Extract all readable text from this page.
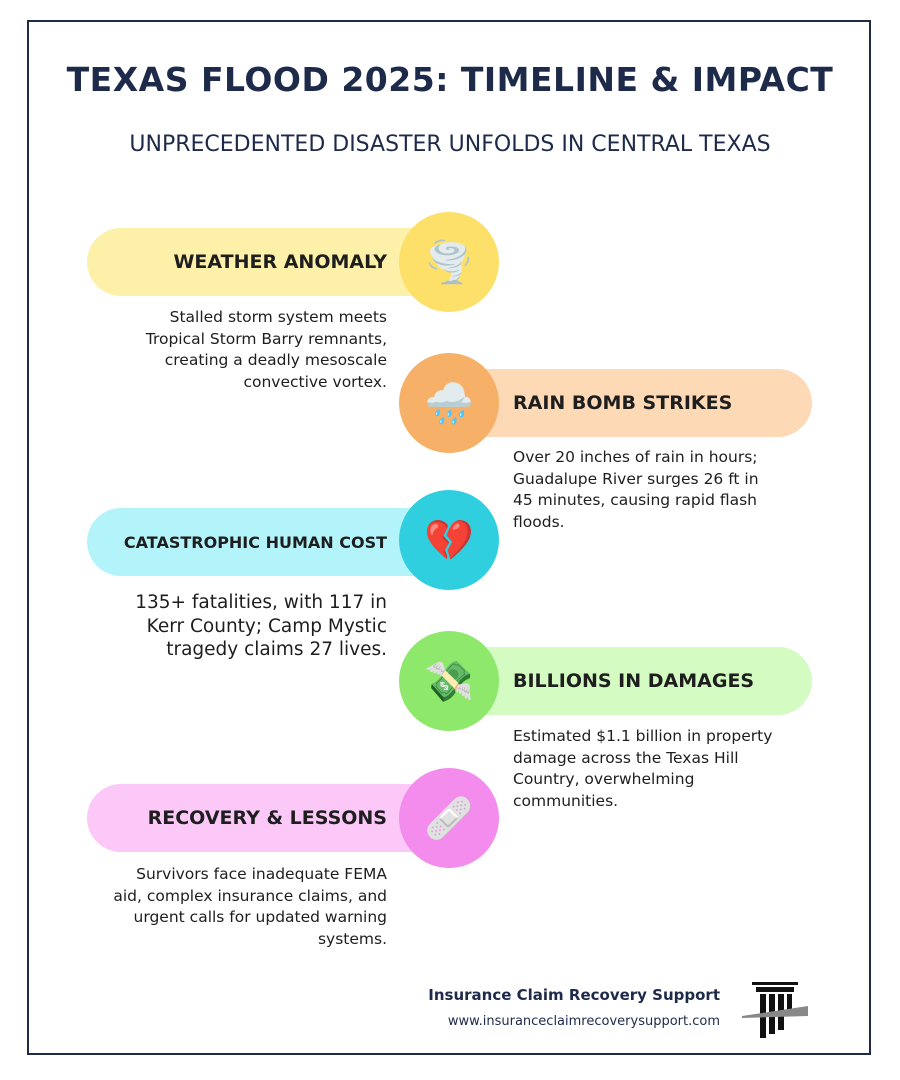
TEXAS FLOOD 2025: TIMELINE & IMPACT
UNPRECEDENTED DISASTER UNFOLDS IN CENTRAL TEXAS
WEATHER ANOMALY 🌪️
Stalled storm system meets Tropical Storm Barry remnants, creating a deadly mesoscale convective vortex.
RAIN BOMB STRIKES
🌧️
Over 20 inches of rain in hours; Guadalupe River surges 26 ft in 45 minutes, causing rapid flash floods.
CATASTROPHIC HUMAN COST 💔
135+ fatalities, with 117 in Kerr County; Camp Mystic tragedy claims 27 lives.
BILLIONS IN DAMAGES
💸
Estimated $1.1 billion in property damage across the Texas Hill Country, overwhelming communities.
RECOVERY & LESSONS 🩹
Survivors face inadequate FEMA aid, complex insurance claims, and urgent calls for updated warning systems.
Insurance Claim Recovery Support
www.insuranceclaimrecoverysupport.com
